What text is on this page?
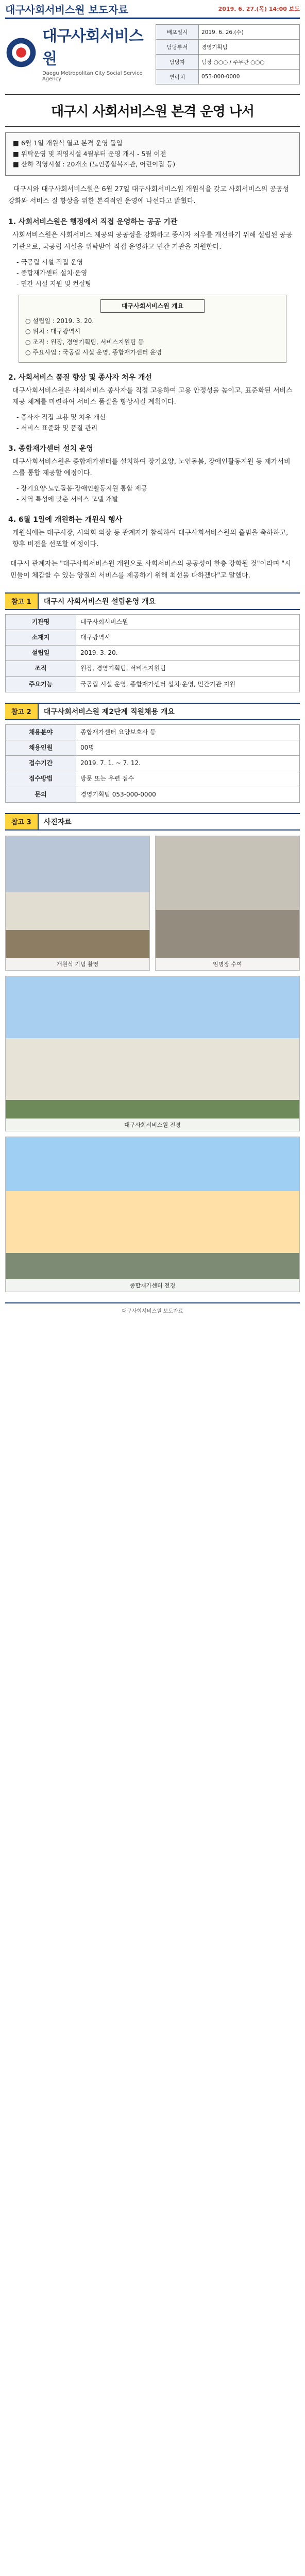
대구사회서비스원 보도자료	2019. 6. 27.(목) 14:00 보도
대구사회서비스원
Daegu Metropolitan City Social Service Agency
배포일시	2019. 6. 26.(수)
담당부서	경영기획팀
담당자	팀장 ○○○ / 주무관 ○○○
연락처	053-000-0000
대구시 사회서비스원 본격 운영 나서
■ 6월 1일 개원식 열고 본격 운영 돌입
■ 위탁운영 및 직영시설 4월부터 운영 개시 - 5월 이전
■ 산하 직영시설 : 20개소 (노인종합복지관, 어린이집 등)

대구시와 대구사회서비스원은 6월 27일 대구사회서비스원 개원식을 갖고 사회서비스의 공공성 강화와 서비스 질 향상을 위한 본격적인 운영에 나선다고 밝혔다.

1. 사회서비스원은 행정에서 직접 운영하는 공공 기관

사회서비스원은 사회서비스 제공의 공공성을 강화하고 종사자 처우를 개선하기 위해 설립된 공공기관으로, 국공립 시설을 위탁받아 직접 운영하고 민간 기관을 지원한다.

- 국공립 시설 직접 운영
- 종합재가센터 설치·운영
- 민간 시설 지원 및 컨설팅
대구사회서비스원 개요
○ 설립일 : 2019. 3. 20.
○ 위치 : 대구광역시
○ 조직 : 원장, 경영기획팀, 서비스지원팀 등
○ 주요사업 : 국공립 시설 운영, 종합재가센터 운영
2. 사회서비스 품질 향상 및 종사자 처우 개선

대구사회서비스원은 사회서비스 종사자를 직접 고용하여 고용 안정성을 높이고, 표준화된 서비스 제공 체계를 마련하여 서비스 품질을 향상시킬 계획이다.

- 종사자 직접 고용 및 처우 개선
- 서비스 표준화 및 품질 관리
3. 종합재가센터 설치 운영

대구사회서비스원은 종합재가센터를 설치하여 장기요양, 노인돌봄, 장애인활동지원 등 재가서비스를 통합 제공할 예정이다.

- 장기요양·노인돌봄·장애인활동지원 통합 제공
- 지역 특성에 맞춘 서비스 모델 개발
4. 6월 1일에 개원하는 개원식 행사

개원식에는 대구시장, 시의회 의장 등 관계자가 참석하여 대구사회서비스원의 출범을 축하하고, 향후 비전을 선포할 예정이다.

대구시 관계자는 "대구사회서비스원 개원으로 사회서비스의 공공성이 한층 강화될 것"이라며 "시민들이 체감할 수 있는 양질의 서비스를 제공하기 위해 최선을 다하겠다"고 말했다.

참고 1	대구시 사회서비스원 설립운영 개요
기관명	대구사회서비스원
소재지	대구광역시
설립일	2019. 3. 20.
조직	원장, 경영기획팀, 서비스지원팀
주요기능	국공립 시설 운영, 종합재가센터 설치·운영, 민간기관 지원
참고 2	대구사회서비스원 제2단계 직원채용 개요
채용분야	종합재가센터 요양보호사 등
채용인원	00명
접수기간	2019. 7. 1. ~ 7. 12.
접수방법	방문 또는 우편 접수
문의	경영기획팀 053-000-0000
참고 3	사진자료
개원식 기념 촬영	임명장 수여
대구사회서비스원 전경
종합재가센터 전경
대구사회서비스원 보도자료
